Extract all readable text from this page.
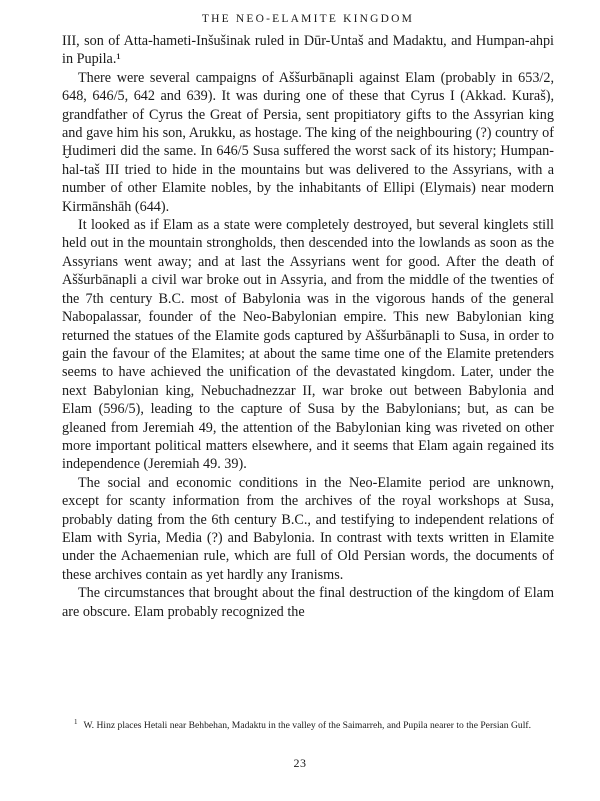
THE NEO-ELAMITE KINGDOM

III, son of Atta-hameti-Inšušinak ruled in Dūr-Untaš and Madaktu, and Humpan-ahpi in Pupila.¹

There were several campaigns of Aššurbānapli against Elam (probably in 653/2, 648, 646/5, 642 and 639). It was during one of these that Cyrus I (Akkad. Kuraš), grandfather of Cyrus the Great of Persia, sent propitiatory gifts to the Assyrian king and gave him his son, Arukku, as hostage. The king of the neighbouring (?) country of Ḫudimeri did the same. In 646/5 Susa suffered the worst sack of its history; Humpan-hal-taš III tried to hide in the mountains but was delivered to the Assyrians, with a number of other Elamite nobles, by the inhabitants of Ellipi (Elymais) near modern Kirmānshāh (644).

It looked as if Elam as a state were completely destroyed, but several kinglets still held out in the mountain strongholds, then descended into the lowlands as soon as the Assyrians went away; and at last the Assyrians went for good. After the death of Aššurbānapli a civil war broke out in Assyria, and from the middle of the twenties of the 7th century B.C. most of Babylonia was in the vigorous hands of the general Nabopalassar, founder of the Neo-Babylonian empire. This new Babylonian king returned the statues of the Elamite gods captured by Aššurbānapli to Susa, in order to gain the favour of the Elamites; at about the same time one of the Elamite pretenders seems to have achieved the unification of the devastated kingdom. Later, under the next Babylonian king, Nebuchadnezzar II, war broke out between Babylonia and Elam (596/5), leading to the capture of Susa by the Babylonians; but, as can be gleaned from Jeremiah 49, the attention of the Babylonian king was riveted on other more important political matters elsewhere, and it seems that Elam again regained its independence (Jeremiah 49. 39).

The social and economic conditions in the Neo-Elamite period are unknown, except for scanty information from the archives of the royal workshops at Susa, probably dating from the 6th century B.C., and testifying to independent relations of Elam with Syria, Media (?) and Babylonia. In contrast with texts written in Elamite under the Achaemenian rule, which are full of Old Persian words, the documents of these archives contain as yet hardly any Iranisms.

The circumstances that brought about the final destruction of the kingdom of Elam are obscure. Elam probably recognized the

$^1$ W. Hinz places Hetali near Behbehan, Madaktu in the valley of the Saimarreh, and Pupila nearer to the Persian Gulf.

23
